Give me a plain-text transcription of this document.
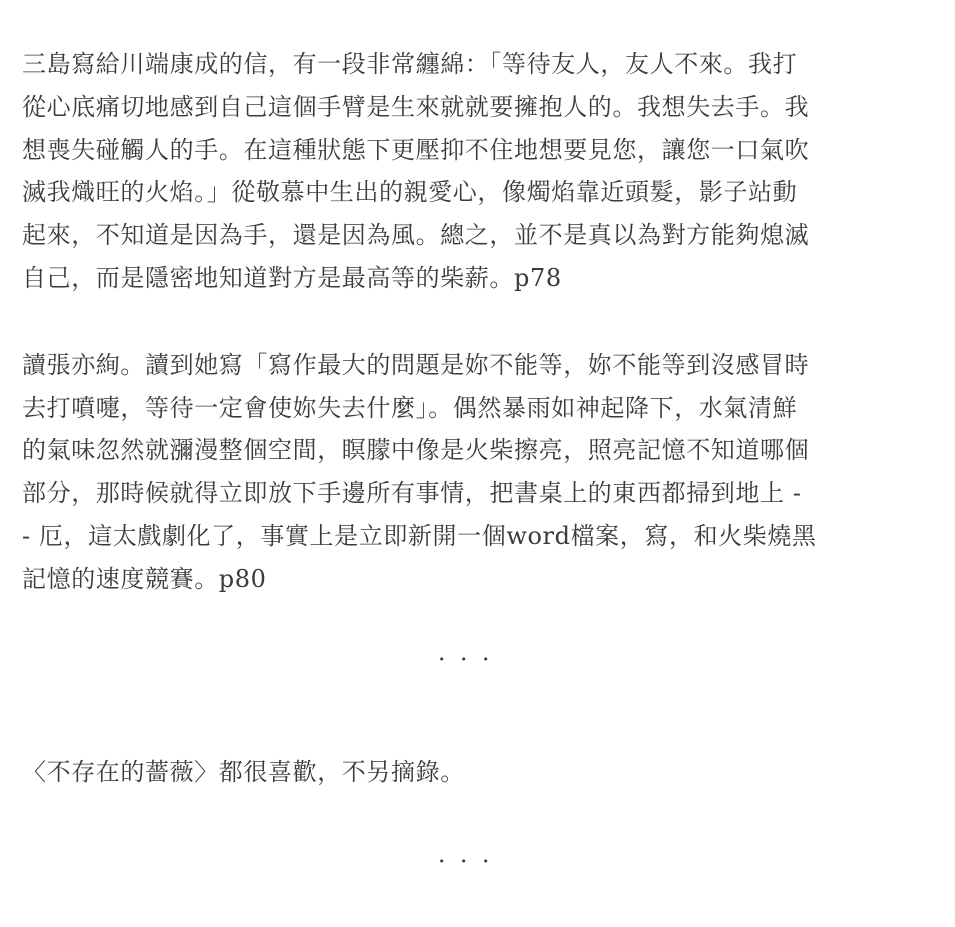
三島寫給川端康成的信，有一段非常纏綿：「等待友人，友人不來。我打
從心底痛切地感到自己這個手臂是生來就就要擁抱人的。我想失去手。我
想喪失碰觸人的手。在這種狀態下更壓抑不住地想要見您，讓您一口氣吹
滅我熾旺的火焰。」從敬慕中生出的親愛心，像燭焰靠近頭髮，影子站動
起來，不知道是因為手，還是因為風。總之，並不是真以為對方能夠熄滅
自己，而是隱密地知道對方是最高等的柴薪。p78

讀張亦絢。讀到她寫「寫作最大的問題是妳不能等，妳不能等到沒感冒時
去打噴嚏，等待一定會使妳失去什麼」。偶然暴雨如神起降下，水氣清鮮
的氣味忽然就瀰漫整個空間，瞑朦中像是火柴擦亮，照亮記憶不知道哪個
部分，那時候就得立即放下手邊所有事情，把書桌上的東西都掃到地上 -
- 厄，這太戲劇化了，事實上是立即新開一個word檔案，寫，和火柴燒黑
記憶的速度競賽。p80

．．．

〈不存在的薔薇〉都很喜歡，不另摘錄。

．．．
